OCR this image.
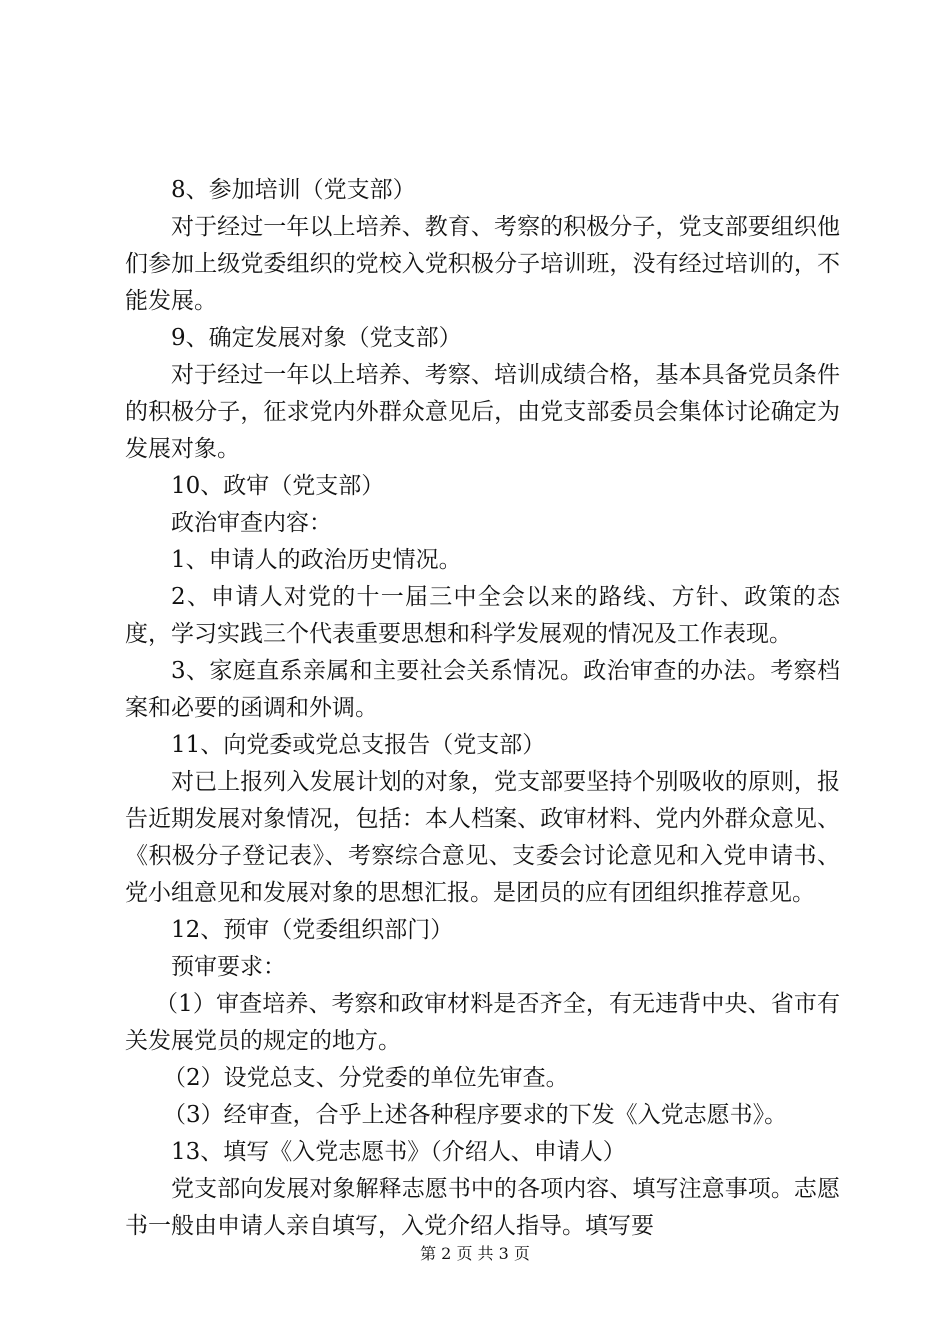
8、参加培训（党支部）

对于经过一年以上培养、教育、考察的积极分子，党支部要组织他们参加上级党委组织的党校入党积极分子培训班，没有经过培训的，不能发展。

9、确定发展对象（党支部）

对于经过一年以上培养、考察、培训成绩合格，基本具备党员条件的积极分子，征求党内外群众意见后，由党支部委员会集体讨论确定为发展对象。

10、政审（党支部）

政治审查内容：

1、申请人的政治历史情况。

2、申请人对党的十一届三中全会以来的路线、方针、政策的态度，学习实践三个代表重要思想和科学发展观的情况及工作表现。

3、家庭直系亲属和主要社会关系情况。政治审查的办法。考察档案和必要的函调和外调。

11、向党委或党总支报告（党支部）

对已上报列入发展计划的对象，党支部要坚持个别吸收的原则，报告近期发展对象情况，包括：本人档案、政审材料、党内外群众意见、《积极分子登记表》、考察综合意见、支委会讨论意见和入党申请书、党小组意见和发展对象的思想汇报。是团员的应有团组织推荐意见。

12、预审（党委组织部门）

预审要求：

（1）审查培养、考察和政审材料是否齐全，有无违背中央、省市有关发展党员的规定的地方。

（2）设党总支、分党委的单位先审查。

（3）经审查，合乎上述各种程序要求的下发《入党志愿书》。

13、填写《入党志愿书》（介绍人、申请人）

党支部向发展对象解释志愿书中的各项内容、填写注意事项。志愿书一般由申请人亲自填写，入党介绍人指导。填写要

第 2 页 共 3 页
